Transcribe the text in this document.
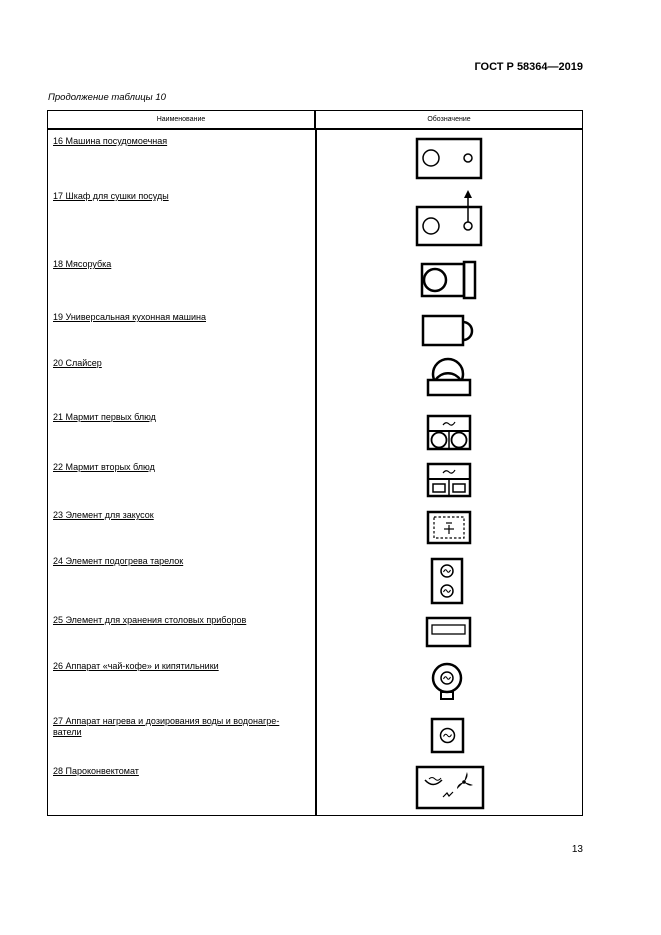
ГОСТ Р 58364—2019
Продолжение таблицы 10
Наименование	Обозначение
16 Машина посудомоечная
17 Шкаф для сушки посуды
18 Мясорубка
19 Универсальная кухонная машина
20 Слайсер
21 Мармит первых блюд
22 Мармит вторых блюд
23 Элемент для закусок
24 Элемент подогрева тарелок
25 Элемент для хранения столовых приборов
26 Аппарат «чай-кофе» и кипятильники
27 Аппарат нагрева и дозирования воды и водонагре-
ватели
28 Пароконвектомат
13
